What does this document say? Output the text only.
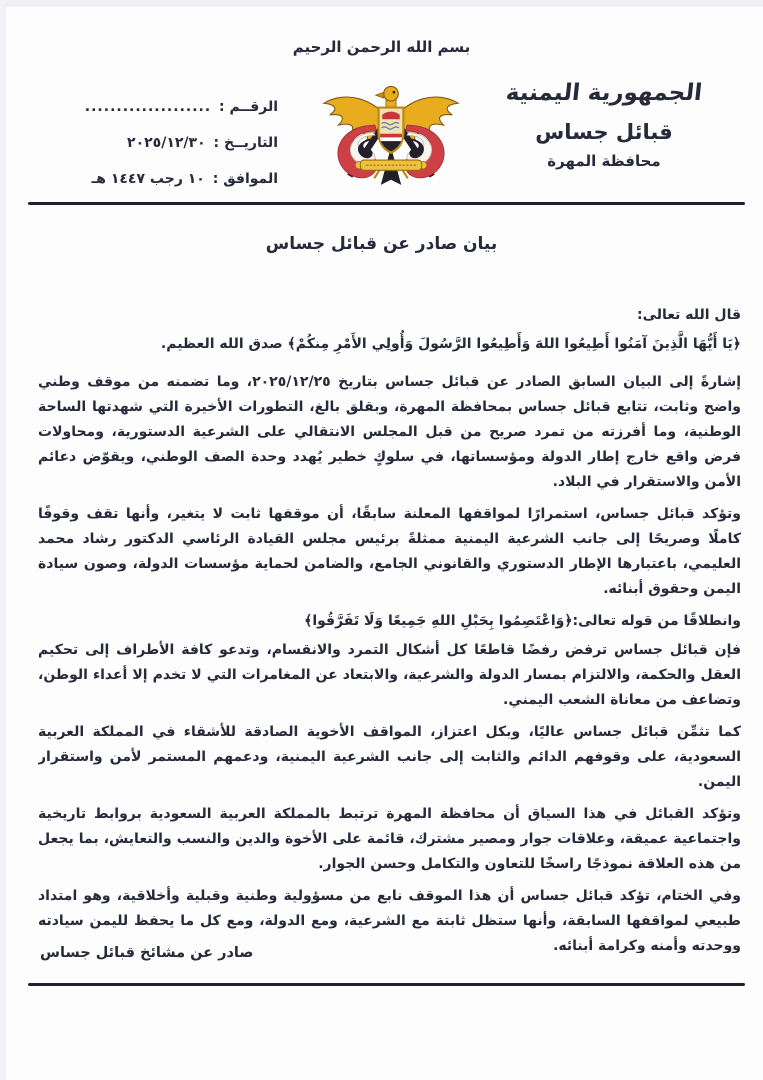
بسم الله الرحمن الرحيم
الجمهورية اليمنية
قبائل جساس
محافظة المهرة
الرقــم : ....................
التاريــخ : ٢٠٢٥/١٢/٣٠
الموافق : ١٠ رجب ١٤٤٧ هـ
بيان صادر عن قبائل جساس

قال الله تعالى:

﴿يَا أَيُّهَا الَّذِينَ آمَنُوا أَطِيعُوا اللهَ وَأَطِيعُوا الرَّسُولَ وَأُولِي الأَمْرِ مِنكُمْ﴾ صدق الله العظيم.

إشارةً إلى البيان السابق الصادر عن قبائل جساس بتاريخ ٢٠٢٥/١٢/٢٥، وما تضمنه من موقف وطني واضح وثابت، تتابع قبائل جساس بمحافظة المهرة، وبقلق بالغ، التطورات الأخيرة التي شهدتها الساحة الوطنية، وما أفرزته من تمرد صريح من قبل المجلس الانتقالي على الشرعية الدستورية، ومحاولات فرض واقع خارج إطار الدولة ومؤسساتها، في سلوكٍ خطير يُهدد وحدة الصف الوطني، ويقوّض دعائم الأمن والاستقرار في البلاد.

وتؤكد قبائل جساس، استمرارًا لمواقفها المعلنة سابقًا، أن موقفها ثابت لا يتغير، وأنها تقف وقوفًا كاملًا وصريحًا إلى جانب الشرعية اليمنية ممثلةً برئيس مجلس القيادة الرئاسي الدكتور رشاد محمد العليمي، باعتبارها الإطار الدستوري والقانوني الجامع، والضامن لحماية مؤسسات الدولة، وصون سيادة اليمن وحقوق أبنائه.

وانطلاقًا من قوله تعالى:﴿وَاعْتَصِمُوا بِحَبْلِ اللهِ جَمِيعًا وَلَا تَفَرَّقُوا﴾

فإن قبائل جساس ترفض رفضًا قاطعًا كل أشكال التمرد والانقسام، وتدعو كافة الأطراف إلى تحكيم العقل والحكمة، والالتزام بمسار الدولة والشرعية، والابتعاد عن المغامرات التي لا تخدم إلا أعداء الوطن، وتضاعف من معاناة الشعب اليمني.

كما تثمِّن قبائل جساس عاليًا، وبكل اعتزاز، المواقف الأخوية الصادقة للأشقاء في المملكة العربية السعودية، على وقوفهم الدائم والثابت إلى جانب الشرعية اليمنية، ودعمهم المستمر لأمن واستقرار اليمن.

وتؤكد القبائل في هذا السياق أن محافظة المهرة ترتبط بالمملكة العربية السعودية بروابط تاريخية واجتماعية عميقة، وعلاقات جوار ومصير مشترك، قائمة على الأخوة والدين والنسب والتعايش، بما يجعل من هذه العلاقة نموذجًا راسخًا للتعاون والتكامل وحسن الجوار.

وفي الختام، تؤكد قبائل جساس أن هذا الموقف نابع من مسؤولية وطنية وقبلية وأخلاقية، وهو امتداد طبيعي لمواقفها السابقة، وأنها ستظل ثابتة مع الشرعية، ومع الدولة، ومع كل ما يحفظ لليمن سيادته ووحدته وأمنه وكرامة أبنائه.

صادر عن مشائخ قبائل جساس
